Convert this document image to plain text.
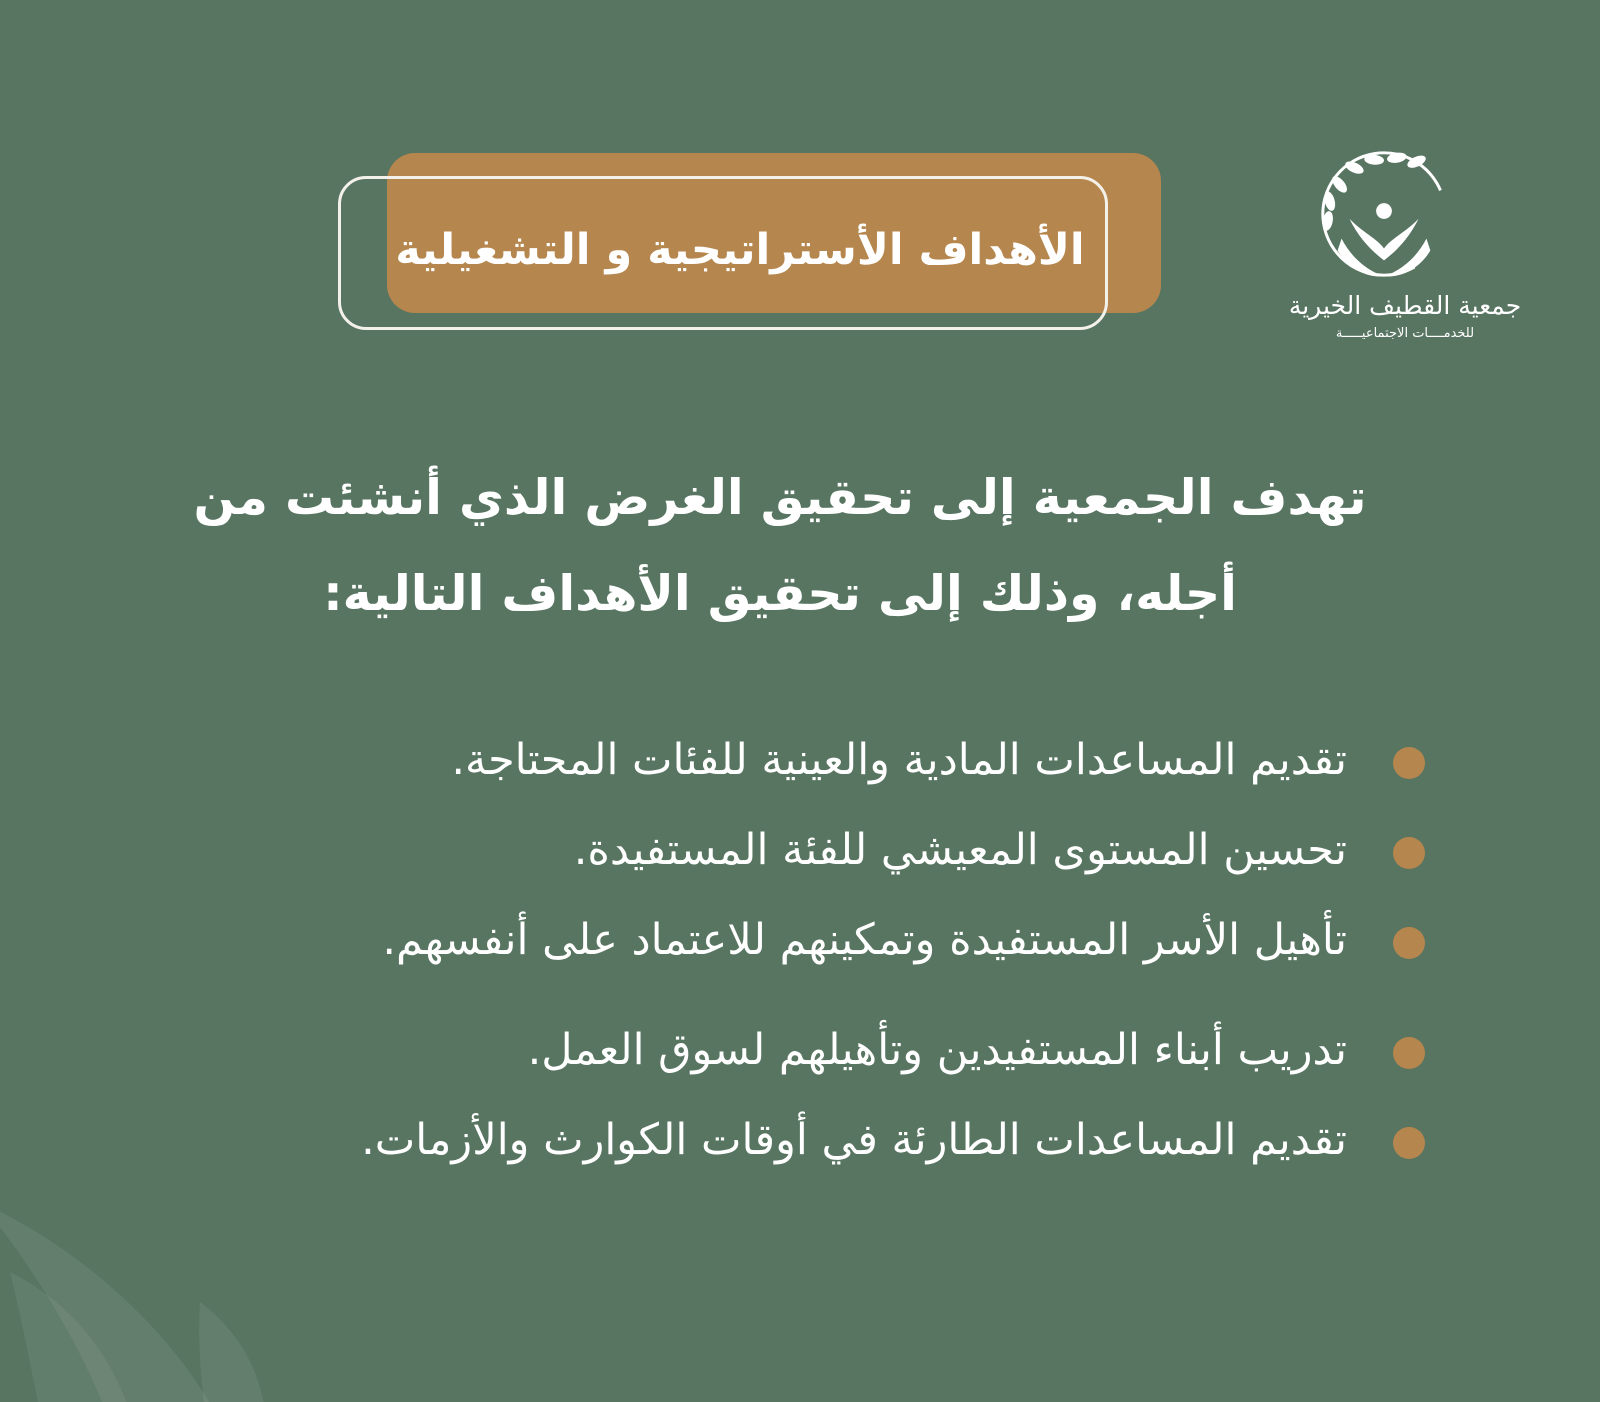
جمعية القطيف الخيرية
للخدمــــات الاجتماعيـــــة
الأهداف الأستراتيجية و التشغيلية
تهدف الجمعية إلى تحقيق الغرض الذي أنشئت من
أجله، وذلك إلى تحقيق الأهداف التالية:
تقديم المساعدات المادية والعينية للفئات المحتاجة.
تحسين المستوى المعيشي للفئة المستفيدة.
تأهيل الأسر المستفيدة وتمكينهم للاعتماد على أنفسهم.
تدريب أبناء المستفيدين وتأهيلهم لسوق العمل.
تقديم المساعدات الطارئة في أوقات الكوارث والأزمات.
